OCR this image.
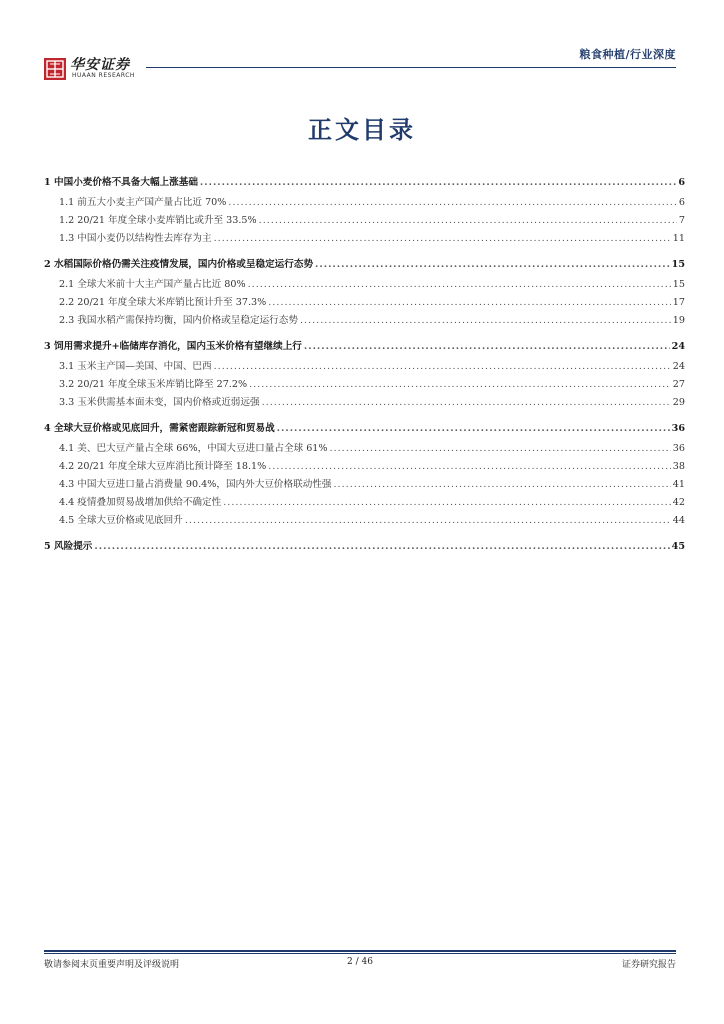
华安证券
HUAAN RESEARCH
粮食种植/行业深度
正文目录
1 中国小麦价格不具备大幅上涨基础 .....	6
1.1 前五大小麦主产国产量占比近 70% .....	6
1.2 20/21 年度全球小麦库销比或升至 33.5% .....	7
1.3 中国小麦仍以结构性去库存为主 .....	11
2 水稻国际价格仍需关注疫情发展，国内价格或呈稳定运行态势 .....	15
2.1 全球大米前十大主产国产量占比近 80% .....	15
2.2 20/21 年度全球大米库销比预计升至 37.3% .....	17
2.3 我国水稻产需保持均衡，国内价格或呈稳定运行态势 .....	19
3 饲用需求提升+临储库存消化，国内玉米价格有望继续上行 .....	24
3.1 玉米主产国—美国、中国、巴西 .....	24
3.2 20/21 年度全球玉米库销比降至 27.2% .....	27
3.3 玉米供需基本面未变，国内价格或近弱远强 .....	29
4 全球大豆价格或见底回升，需紧密跟踪新冠和贸易战 .....	36
4.1 美、巴大豆产量占全球 66%，中国大豆进口量占全球 61% .....	36
4.2 20/21 年度全球大豆库消比预计降至 18.1% .....	38
4.3 中国大豆进口量占消费量 90.4%，国内外大豆价格联动性强 .....	41
4.4 疫情叠加贸易战增加供给不确定性 .....	42
4.5 全球大豆价格或见底回升 .....	44
5 风险提示 .....	45
敬请参阅末页重要声明及评级说明	2 / 46	证券研究报告
